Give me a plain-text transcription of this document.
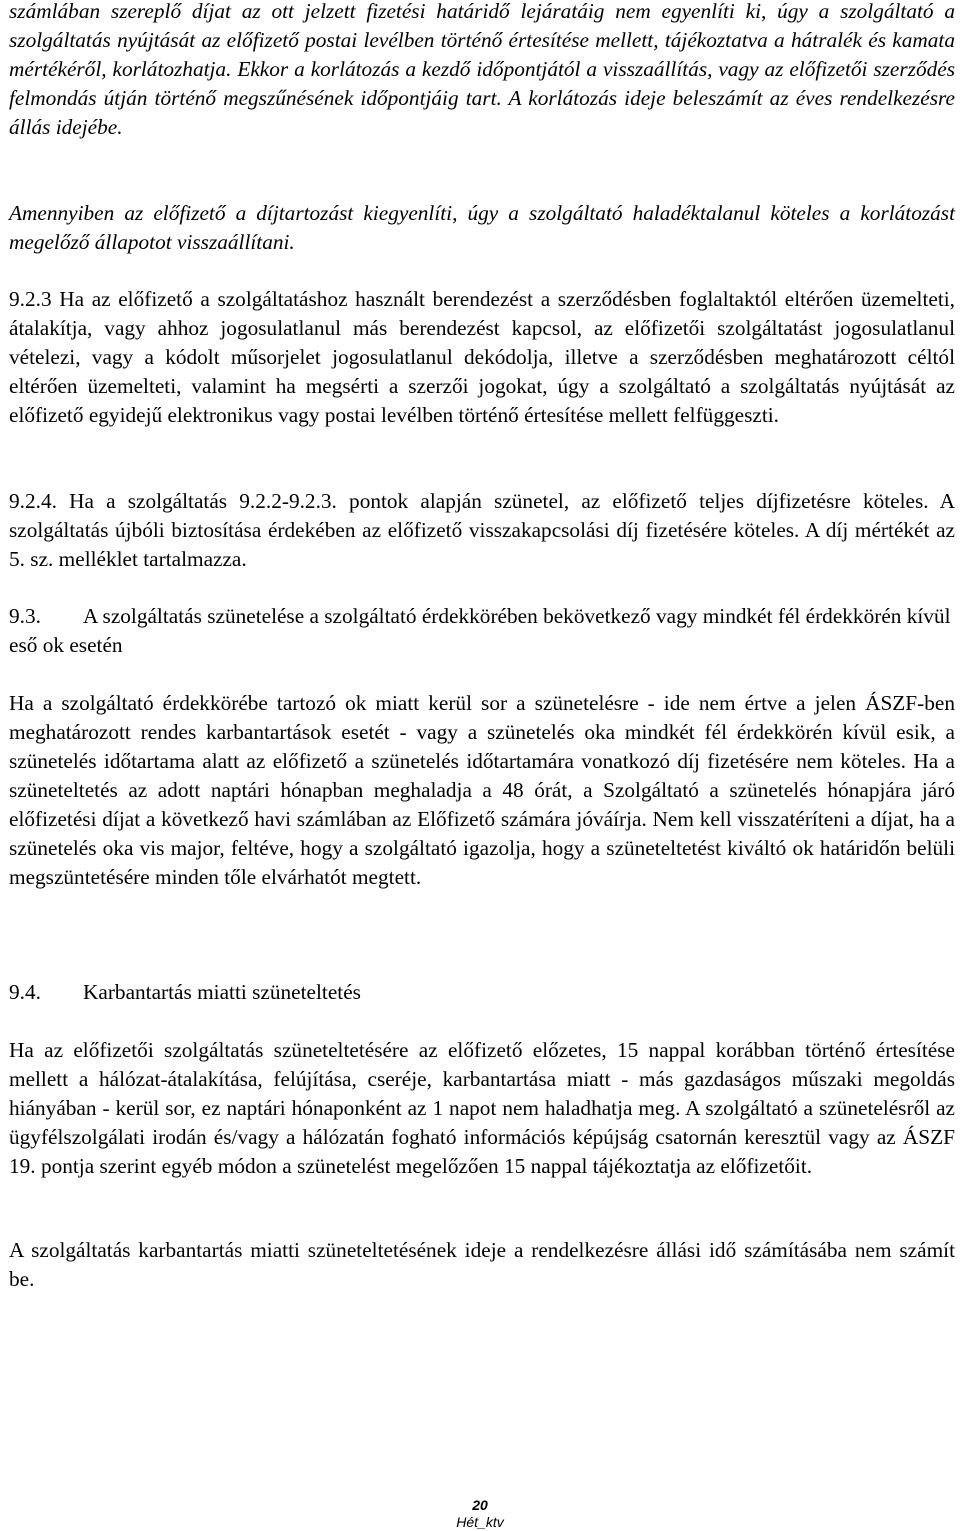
számlában szereplő díjat az ott jelzett fizetési határidő lejáratáig nem egyenlíti ki, úgy a szolgáltató a szolgáltatás nyújtását az előfizető postai levélben történő értesítése mellett, tájékoztatva a hátralék és kamata mértékéről, korlátozhatja. Ekkor a korlátozás a kezdő időpontjától a visszaállítás, vagy az előfizetői szerződés felmondás útján történő megszűnésének időpontjáig tart. A korlátozás ideje beleszámít az éves rendelkezésre állás idejébe.

Amennyiben az előfizető a díjtartozást kiegyenlíti, úgy a szolgáltató haladéktalanul köteles a korlátozást megelőző állapotot visszaállítani.

9.2.3 Ha az előfizető a szolgáltatáshoz használt berendezést a szerződésben foglaltaktól eltérően üzemelteti, átalakítja, vagy ahhoz jogosulatlanul más berendezést kapcsol, az előfizetői szolgáltatást jogosulatlanul vételezi, vagy a kódolt műsorjelet jogosulatlanul dekódolja, illetve a szerződésben meghatározott céltól eltérően üzemelteti, valamint ha megsérti a szerzői jogokat, úgy a szolgáltató a szolgáltatás nyújtását az előfizető egyidejű elektronikus vagy postai levélben történő értesítése mellett felfüggeszti.

9.2.4. Ha a szolgáltatás 9.2.2-9.2.3. pontok alapján szünetel, az előfizető teljes díjfizetésre köteles. A szolgáltatás újbóli biztosítása érdekében az előfizető visszakapcsolási díj fizetésére köteles. A díj mértékét az 5. sz. melléklet tartalmazza.

9.3. A szolgáltatás szünetelése a szolgáltató érdekkörében bekövetkező vagy mindkét fél érdekkörén kívül eső ok esetén

Ha a szolgáltató érdekkörébe tartozó ok miatt kerül sor a szünetelésre - ide nem értve a jelen ÁSZF-ben meghatározott rendes karbantartások esetét - vagy a szünetelés oka mindkét fél érdekkörén kívül esik, a szünetelés időtartama alatt az előfizető a szünetelés időtartamára vonatkozó díj fizetésére nem köteles. Ha a szüneteltetés az adott naptári hónapban meghaladja a 48 órát, a Szolgáltató a szünetelés hónapjára járó előfizetési díjat a következő havi számlában az Előfizető számára jóváírja. Nem kell visszatéríteni a díjat, ha a szünetelés oka vis major, feltéve, hogy a szolgáltató igazolja, hogy a szüneteltetést kiváltó ok határidőn belüli megszüntetésére minden tőle elvárhatót megtett.

9.4. Karbantartás miatti szüneteltetés

Ha az előfizetői szolgáltatás szüneteltetésére az előfizető előzetes, 15 nappal korábban történő értesítése mellett a hálózat-átalakítása, felújítása, cseréje, karbantartása miatt - más gazdaságos műszaki megoldás hiányában - kerül sor, ez naptári hónaponként az 1 napot nem haladhatja meg. A szolgáltató a szünetelésről az ügyfélszolgálati irodán és/vagy a hálózatán fogható információs képújság csatornán keresztül vagy az ÁSZF 19. pontja szerint egyéb módon a szünetelést megelőzően 15 nappal tájékoztatja az előfizetőit.

A szolgáltatás karbantartás miatti szüneteltetésének ideje a rendelkezésre állási idő számításába nem számít be.

20
Hét_ktv
